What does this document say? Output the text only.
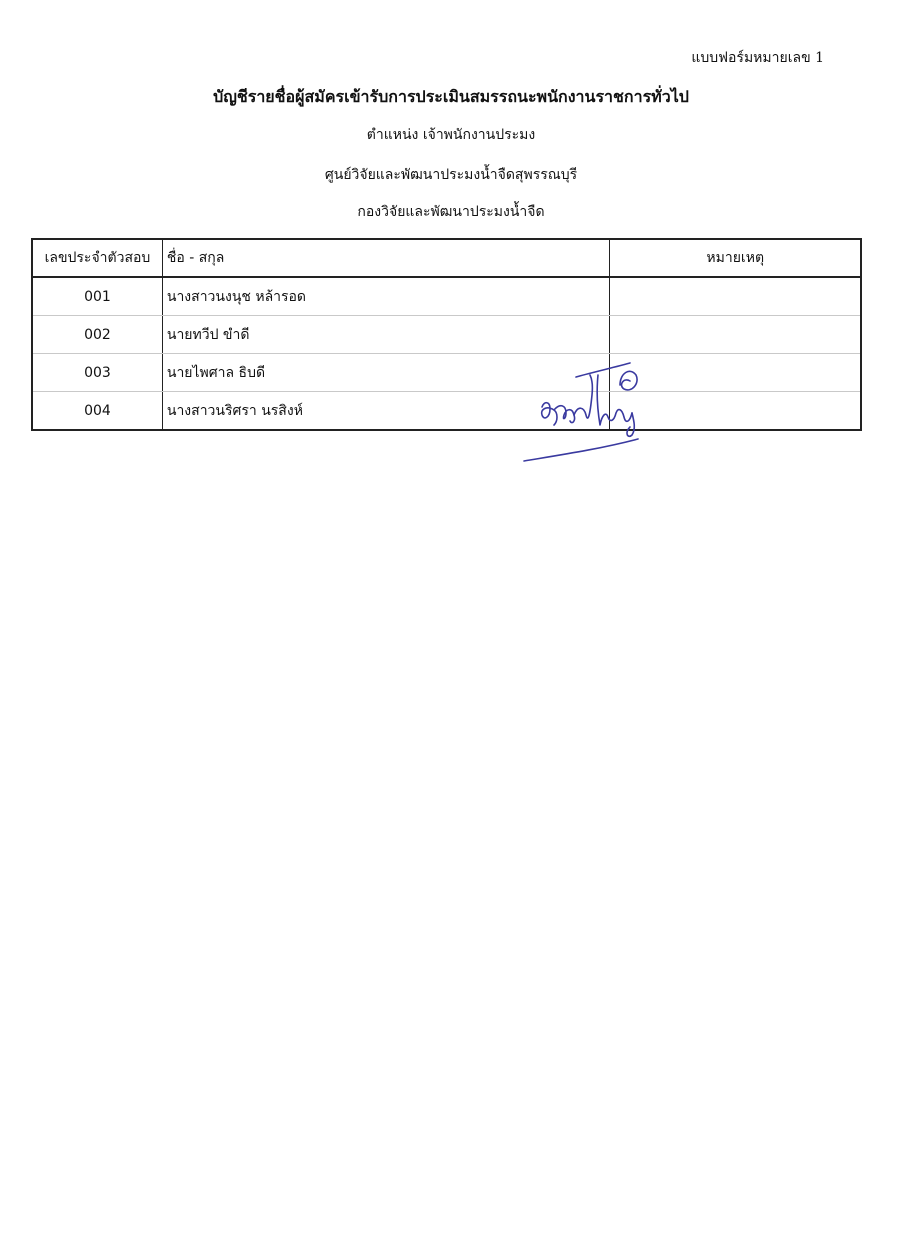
แบบฟอร์มหมายเลข 1
บัญชีรายชื่อผู้สมัครเข้ารับการประเมินสมรรถนะพนักงานราชการทั่วไป
ตำแหน่ง เจ้าพนักงานประมง
ศูนย์วิจัยและพัฒนาประมงน้ำจืดสุพรรณบุรี
กองวิจัยและพัฒนาประมงน้ำจืด
เลขประจำตัวสอบ	ชื่อ - สกุล	หมายเหตุ
001	นางสาวนงนุช หล้ารอด	
002	นายทวีป ขำดี	
003	นายไพศาล ธิบดี	
004	นางสาวนริศรา นรสิงห์	
